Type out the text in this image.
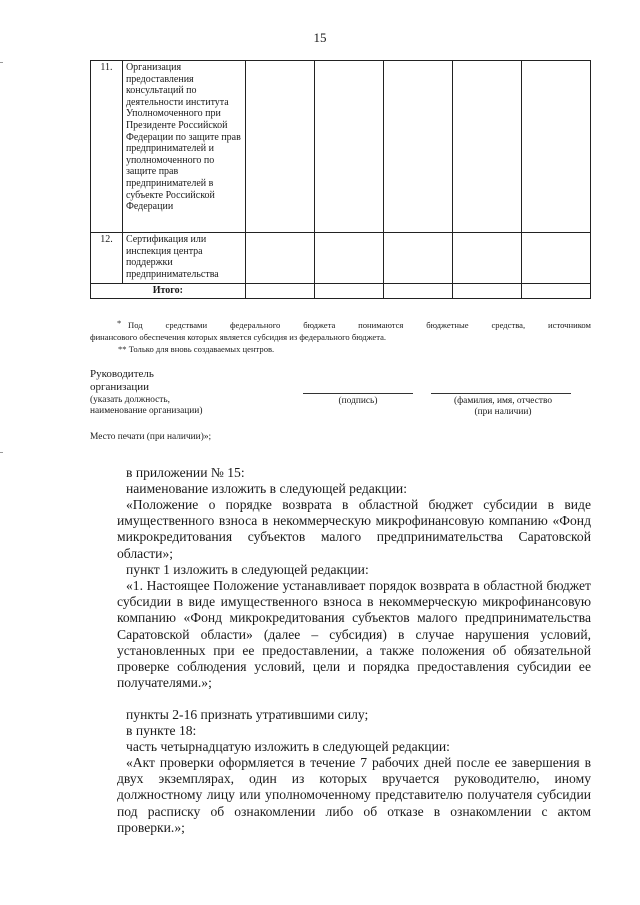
15
11.	Организация предоставления консультаций по деятельности института Уполномоченного при Президенте Российской Федерации по защите прав предпринимателей и уполномоченного по защите прав предпринимателей в субъекте Российской Федерации					
12.	Сертификация или инспекция центра поддержки предпринимательства					
Итого:						
* Под средствами федерального бюджета понимаются бюджетные средства, источником
финансового обеспечения которых является субсидия из федерального бюджета.
** Только для вновь создаваемых центров.
Руководитель
организации
(указать должность,
наименование организации)
(подпись)	(фамилия, имя, отчество
(при наличии)
Место печати (при наличии)»;
в приложении № 15:
наименование изложить в следующей редакции:
«Положение о порядке возврата в областной бюджет субсидии в виде имущественного взноса в некоммерческую микрофинансовую компанию «Фонд микрокредитования субъектов малого предпринимательства Саратовской области»;
пункт 1 изложить в следующей редакции:
«1. Настоящее Положение устанавливает порядок возврата в областной бюджет субсидии в виде имущественного взноса в некоммерческую микрофинансовую компанию «Фонд микрокредитования субъектов малого предпринимательства Саратовской области» (далее – субсидия) в случае нарушения условий, установленных при ее предоставлении, а также положения об обязательной проверке соблюдения условий, цели и порядка предоставления субсидии ее получателями.»;
пункты 2-16 признать утратившими силу;
в пункте 18:
часть четырнадцатую изложить в следующей редакции:
«Акт проверки оформляется в течение 7 рабочих дней после ее завершения в двух экземплярах, один из которых вручается руководителю, иному должностному лицу или уполномоченному представителю получателя субсидии под расписку об ознакомлении либо об отказе в ознакомлении с актом проверки.»;
